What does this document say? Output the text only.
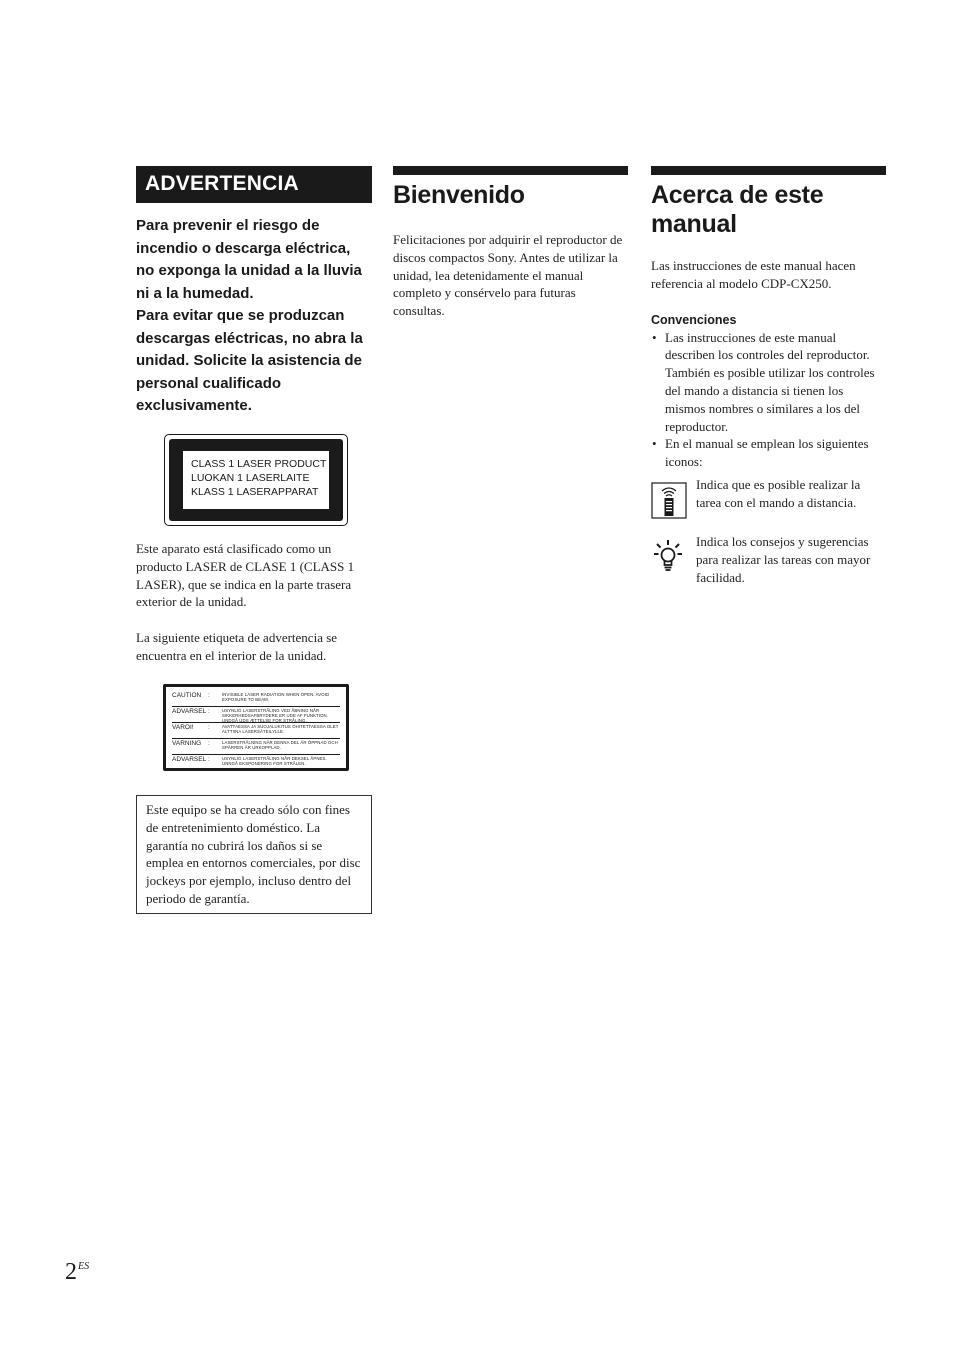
ADVERTENCIA

Para prevenir el riesgo de incendio o descarga eléctrica, no exponga la unidad a la lluvia ni a la humedad.

Para evitar que se produzcan descargas eléctricas, no abra la unidad. Solicite la asistencia de personal cualificado exclusivamente.

CLASS 1 LASER PRODUCT
LUOKAN 1 LASERLAITE
KLASS 1 LASERAPPARAT
Este aparato está clasificado como un producto LASER de CLASE 1 (CLASS 1 LASER), que se indica en la parte trasera exterior de la unidad.
La siguiente etiqueta de advertencia se encuentra en el interior de la unidad.
CAUTION	:	INVISIBLE LASER RADIATION WHEN OPEN. AVOID EXPOSURE TO BEAM.
ADVARSEL :	USYNLIG LASERSTRÅLING VED ÅBNING NÅR SIKKERHEDSAFBRYDERE ER UDE AF FUNKTION. UNDGÅ UDS ÆTTELSE FOR STRÅLING.
VAROI!	:	AVATTAESSA JA SUOJALUKITUS OHITETTAESSA OLET ALTTIINA LASERSÄTEILYLLE.
VARNING	:	LASERSTRÅLNING NÄR DENNA DEL ÄR ÖPPNAD OCH SPÄRREN ÄR URKOPPLAD.
ADVARSEL :	USYNLIG LASERSTRÅLING NÅR DEKSEL ÅPNES. UNNGÅ EKSPONERING FOR STRÅLEN.
Este equipo se ha creado sólo con fines de entretenimiento doméstico. La garantía no cubrirá los daños si se emplea en entornos comerciales, por disc jockeys por ejemplo, incluso dentro del periodo de garantía.
Bienvenido
Felicitaciones por adquirir el reproductor de discos compactos Sony. Antes de utilizar la unidad, lea detenidamente el manual completo y consérvelo para futuras consultas.
Acerca de este
manual
Las instrucciones de este manual hacen referencia al modelo CDP-CX250.
Convenciones
• Las instrucciones de este manual describen los controles del reproductor.
También es posible utilizar los controles del mando a distancia si tienen los mismos nombres o similares a los del reproductor.
• En el manual se emplean los siguientes iconos:
Indica que es posible realizar la tarea con el mando a distancia.
Indica los consejos y sugerencias para realizar las tareas con mayor facilidad.
$2^{ES}$
